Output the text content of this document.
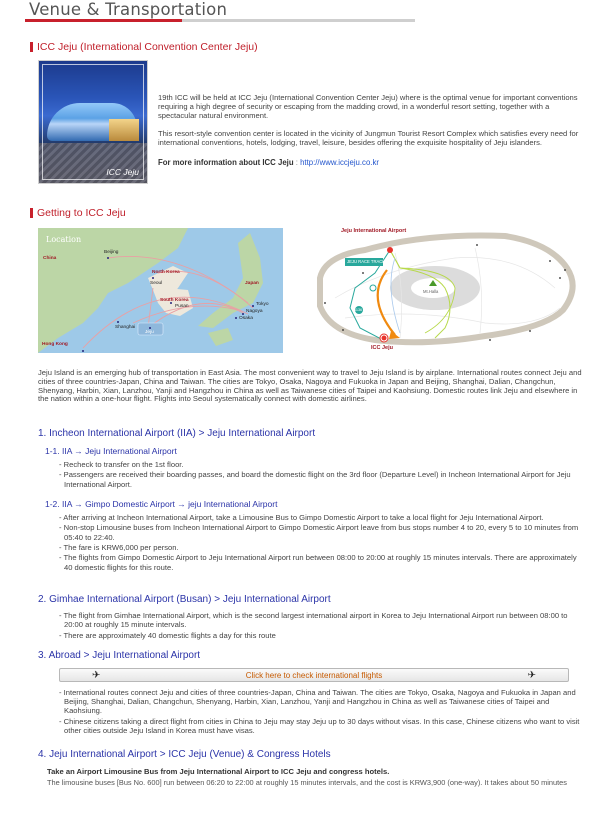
Venue & Transportation
ICC Jeju (International Convention Center Jeju)
ICC Jeju

19th ICC will be held at ICC Jeju (International Convention Center Jeju) where is the optimal venue for important conventions requiring a high degree of security or escaping from the madding crowd, in a wonderful resort setting, together with a spectacular natural environment.

This resort-style convention center is located in the vicinity of Jungmun Tourist Resort Complex which satisfies every need for international conventions, hotels, lodging, travel, leisure, besides offering the exquisite hospitality of Jeju islanders.

For more information about ICC Jeju : http://www.iccjeju.co.kr
Getting to ICC Jeju
Location
China
North Korea
South Korea
Japan
Beijing
Seoul
Pusan
Shanghai
Jeju
Hong Kong
Tokyo
Nagoya
Osaka
Jeju International Airport
JEJU RACE TRACK
1136
Mt.Halla
ICC Jeju
Jeju Island is an emerging hub of transportation in East Asia. The most convenient way to travel to Jeju Island is by airplane. International routes connect Jeju and cities of three countries-Japan, China and Taiwan. The cities are Tokyo, Osaka, Nagoya and Fukuoka in Japan and Beijing, Shanghai, Dalian, Changchun, Shenyang, Harbin, Xian, Lanzhou, Yanji and Hangzhou in China as well as Taiwanese cities of Taipei and Kaohsiung. Domestic routes link Jeju and elsewhere in the nation within a one-hour flight. Flights into Seoul systematically connect with domestic airlines.
1. Incheon International Airport (IIA) > Jeju International Airport
1-1. IIA → Jeju International Airport
- Recheck to transfer on the 1st floor.
- Passengers are received their boarding passes, and board the domestic flight on the 3rd floor (Departure Level) in Incheon International Airport for Jeju International Airport.
1-2. IIA → Gimpo Domestic Airport → jeju International Airport
- After arriving at Incheon International Airport, take a Limousine Bus to Gimpo Domestic Airport to take a local flight for Jeju International Airport.
- Non-stop Limousine buses from Incheon International Airport to Gimpo Domestic Airport leave from bus stops number 4 to 20, every 5 to 10 minutes from 05:40 to 22:40.
- The fare is KRW6,000 per person.
- The flights from Gimpo Domestic Airport to Jeju International Airport run between 08:00 to 20:00 at roughly 15 minutes intervals. There are approximately 40 domestic flights for this route.
2. Gimhae International Airport (Busan) > Jeju International Airport
- The flight from Gimhae International Airport, which is the second largest international airport in Korea to Jeju International Airport run between 08:00 to 20:00 at roughly 15 minute intervals.
- There are approximately 40 domestic flights a day for this route
3. Abroad > Jeju International Airport
✈	Click here to check international flights	✈
- International routes connect Jeju and cities of three countries-Japan, China and Taiwan. The cities are Tokyo, Osaka, Nagoya and Fukuoka in Japan and Beijing, Shanghai, Dalian, Changchun, Shenyang, Harbin, Xian, Lanzhou, Yanji and Hangzhou in China as well as Taiwanese cities of Taipei and Kaohsiung.
- Chinese citizens taking a direct flight from cities in China to Jeju may stay Jeju up to 30 days without visas. In this case, Chinese citizens who want to visit other cities outside Jeju Island in Korea must have visas.
4. Jeju International Airport > ICC Jeju (Venue) & Congress Hotels
Take an Airport Limousine Bus from Jeju International Airport to ICC Jeju and congress hotels.
The limousine buses [Bus No. 600] run between 06:20 to 22:00 at roughly 15 minutes intervals, and the cost is KRW3,900 (one-way). It takes about 50 minutes
